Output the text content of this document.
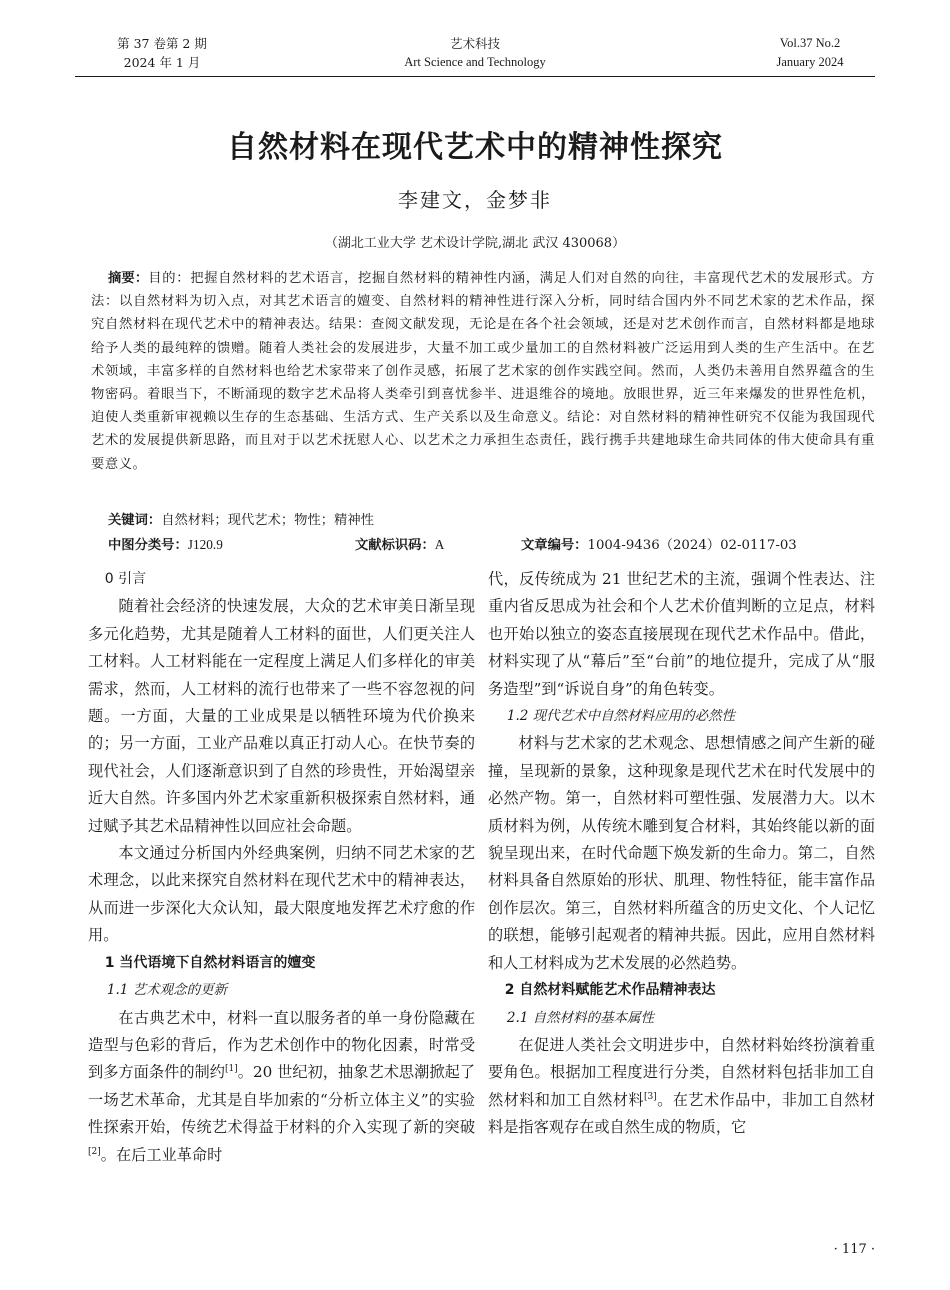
第 37 卷第 2 期
2024 年 1 月
艺术科技
Art Science and Technology
Vol.37 No.2
January 2024
自然材料在现代艺术中的精神性探究
李建文，金梦非
（湖北工业大学 艺术设计学院,湖北 武汉 430068）
摘要：目的：把握自然材料的艺术语言，挖掘自然材料的精神性内涵，满足人们对自然的向往，丰富现代艺术的发展形式。方法：以自然材料为切入点，对其艺术语言的嬗变、自然材料的精神性进行深入分析，同时结合国内外不同艺术家的艺术作品，探究自然材料在现代艺术中的精神表达。结果：查阅文献发现，无论是在各个社会领域，还是对艺术创作而言，自然材料都是地球给予人类的最纯粹的馈赠。随着人类社会的发展进步，大量不加工或少量加工的自然材料被广泛运用到人类的生产生活中。在艺术领域，丰富多样的自然材料也给艺术家带来了创作灵感，拓展了艺术家的创作实践空间。然而，人类仍未善用自然界蕴含的生物密码。着眼当下，不断涌现的数字艺术品将人类牵引到喜忧参半、进退维谷的境地。放眼世界，近三年来爆发的世界性危机，迫使人类重新审视赖以生存的生态基础、生活方式、生产关系以及生命意义。结论：对自然材料的精神性研究不仅能为我国现代艺术的发展提供新思路，而且对于以艺术抚慰人心、以艺术之力承担生态责任，践行携手共建地球生命共同体的伟大使命具有重要意义。
关键词：自然材料；现代艺术；物性；精神性
中图分类号：J120.9	文献标识码：A	文章编号：1004-9436（2024）02-0117-03

0 引言

随着社会经济的快速发展，大众的艺术审美日渐呈现多元化趋势，尤其是随着人工材料的面世，人们更关注人工材料。人工材料能在一定程度上满足人们多样化的审美需求，然而，人工材料的流行也带来了一些不容忽视的问题。一方面，大量的工业成果是以牺牲环境为代价换来的；另一方面，工业产品难以真正打动人心。在快节奏的现代社会，人们逐渐意识到了自然的珍贵性，开始渴望亲近大自然。许多国内外艺术家重新积极探索自然材料，通过赋予其艺术品精神性以回应社会命题。

本文通过分析国内外经典案例，归纳不同艺术家的艺术理念，以此来探究自然材料在现代艺术中的精神表达，从而进一步深化大众认知，最大限度地发挥艺术疗愈的作用。

1 当代语境下自然材料语言的嬗变

1.1 艺术观念的更新

在古典艺术中，材料一直以服务者的单一身份隐藏在造型与色彩的背后，作为艺术创作中的物化因素，时常受到多方面条件的制约[1]。20 世纪初，抽象艺术思潮掀起了一场艺术革命，尤其是自毕加索的“分析立体主义”的实验性探索开始，传统艺术得益于材料的介入实现了新的突破[2]。在后工业革命时

代，反传统成为 21 世纪艺术的主流，强调个性表达、注重内省反思成为社会和个人艺术价值判断的立足点，材料也开始以独立的姿态直接展现在现代艺术作品中。借此，材料实现了从“幕后”至“台前”的地位提升，完成了从“服务造型”到“诉说自身”的角色转变。

1.2 现代艺术中自然材料应用的必然性

材料与艺术家的艺术观念、思想情感之间产生新的碰撞，呈现新的景象，这种现象是现代艺术在时代发展中的必然产物。第一，自然材料可塑性强、发展潜力大。以木质材料为例，从传统木雕到复合材料，其始终能以新的面貌呈现出来，在时代命题下焕发新的生命力。第二，自然材料具备自然原始的形状、肌理、物性特征，能丰富作品创作层次。第三，自然材料所蕴含的历史文化、个人记忆的联想，能够引起观者的精神共振。因此，应用自然材料和人工材料成为艺术发展的必然趋势。

2 自然材料赋能艺术作品精神表达

2.1 自然材料的基本属性

在促进人类社会文明进步中，自然材料始终扮演着重要角色。根据加工程度进行分类，自然材料包括非加工自然材料和加工自然材料[3]。在艺术作品中，非加工自然材料是指客观存在或自然生成的物质，它

· 117 ·
